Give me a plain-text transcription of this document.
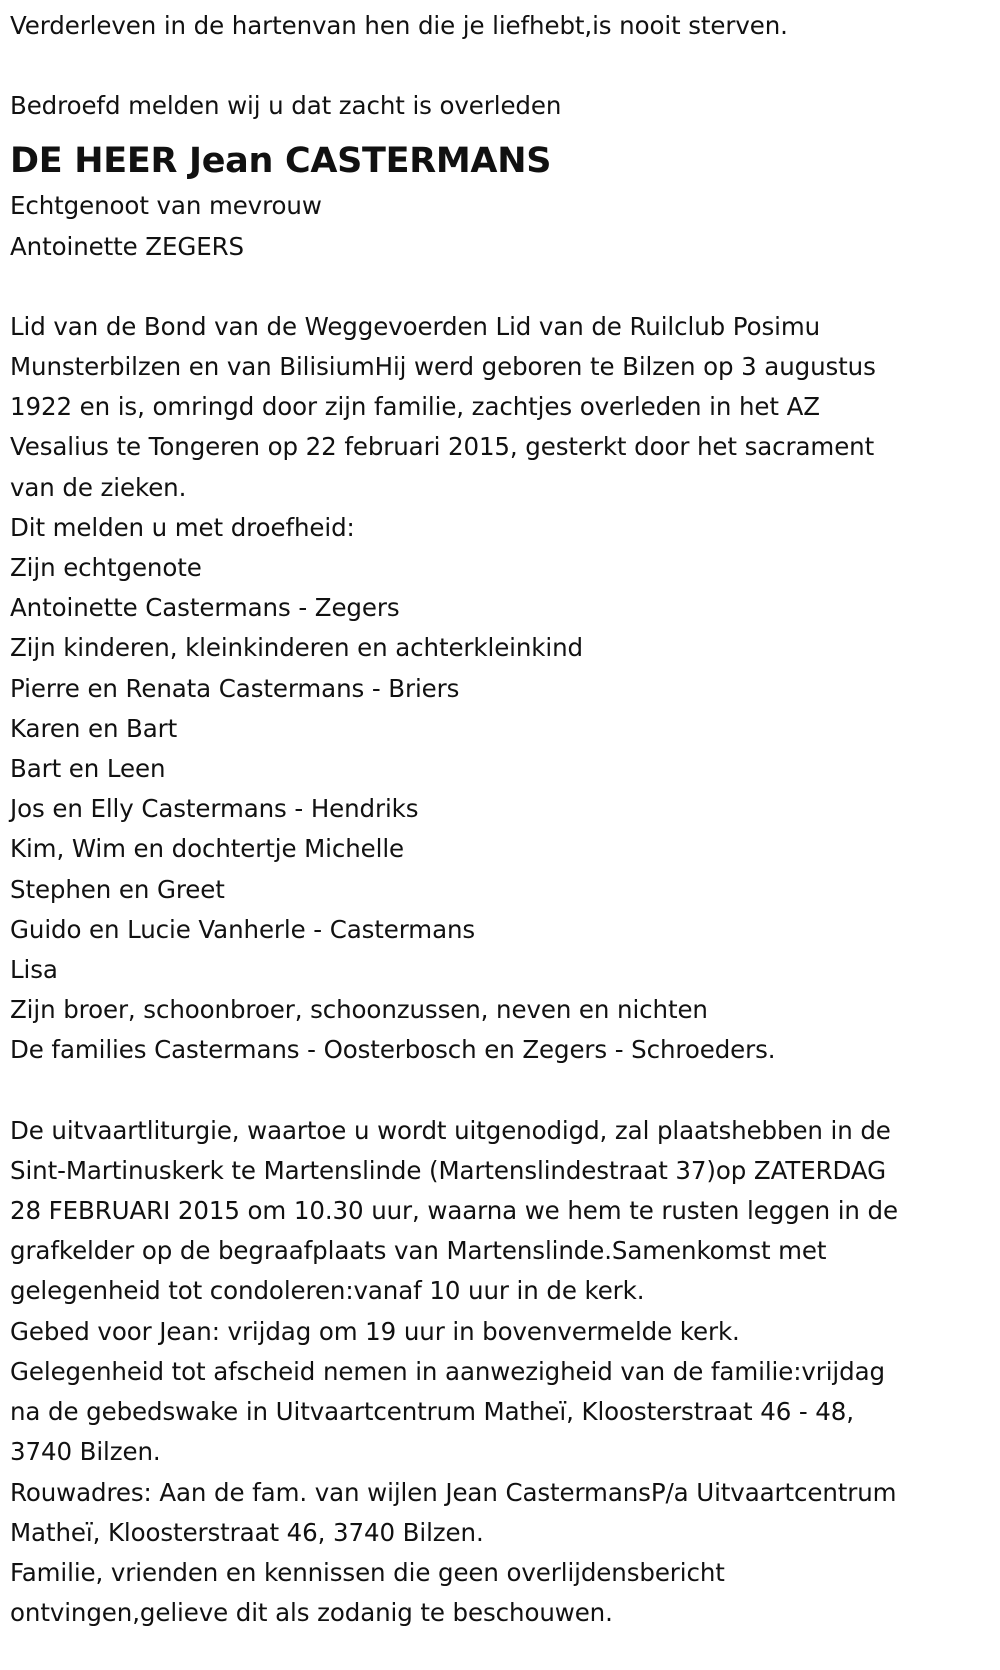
Verderleven in de hartenvan hen die je liefhebt,is nooit sterven.

Bedroefd melden wij u dat zacht is overleden

DE HEER Jean CASTERMANS

Echtgenoot van mevrouw

Antoinette ZEGERS

Lid van de Bond van de Weggevoerden Lid van de Ruilclub Posimu

Munsterbilzen en van BilisiumHij werd geboren te Bilzen op 3 augustus

1922 en is, omringd door zijn familie, zachtjes overleden in het AZ

Vesalius te Tongeren op 22 februari 2015, gesterkt door het sacrament

van de zieken.

Dit melden u met droefheid:

Zijn echtgenote

Antoinette Castermans - Zegers

Zijn kinderen, kleinkinderen en achterkleinkind

Pierre en Renata Castermans - Briers

Karen en Bart

Bart en Leen

Jos en Elly Castermans - Hendriks

Kim, Wim en dochtertje Michelle

Stephen en Greet

Guido en Lucie Vanherle - Castermans

Lisa

Zijn broer, schoonbroer, schoonzussen, neven en nichten

De families Castermans - Oosterbosch en Zegers - Schroeders.

De uitvaartliturgie, waartoe u wordt uitgenodigd, zal plaatshebben in de

Sint-Martinuskerk te Martenslinde (Martenslindestraat 37)op ZATERDAG

28 FEBRUARI 2015 om 10.30 uur, waarna we hem te rusten leggen in de

grafkelder op de begraafplaats van Martenslinde.Samenkomst met

gelegenheid tot condoleren:vanaf 10 uur in de kerk.

Gebed voor Jean: vrijdag om 19 uur in bovenvermelde kerk.

Gelegenheid tot afscheid nemen in aanwezigheid van de familie:vrijdag

na de gebedswake in Uitvaartcentrum Matheï, Kloosterstraat 46 - 48,

3740 Bilzen.

Rouwadres: Aan de fam. van wijlen Jean CastermansP/a Uitvaartcentrum

Matheï, Kloosterstraat 46, 3740 Bilzen.

Familie, vrienden en kennissen die geen overlijdensbericht

ontvingen,gelieve dit als zodanig te beschouwen.
